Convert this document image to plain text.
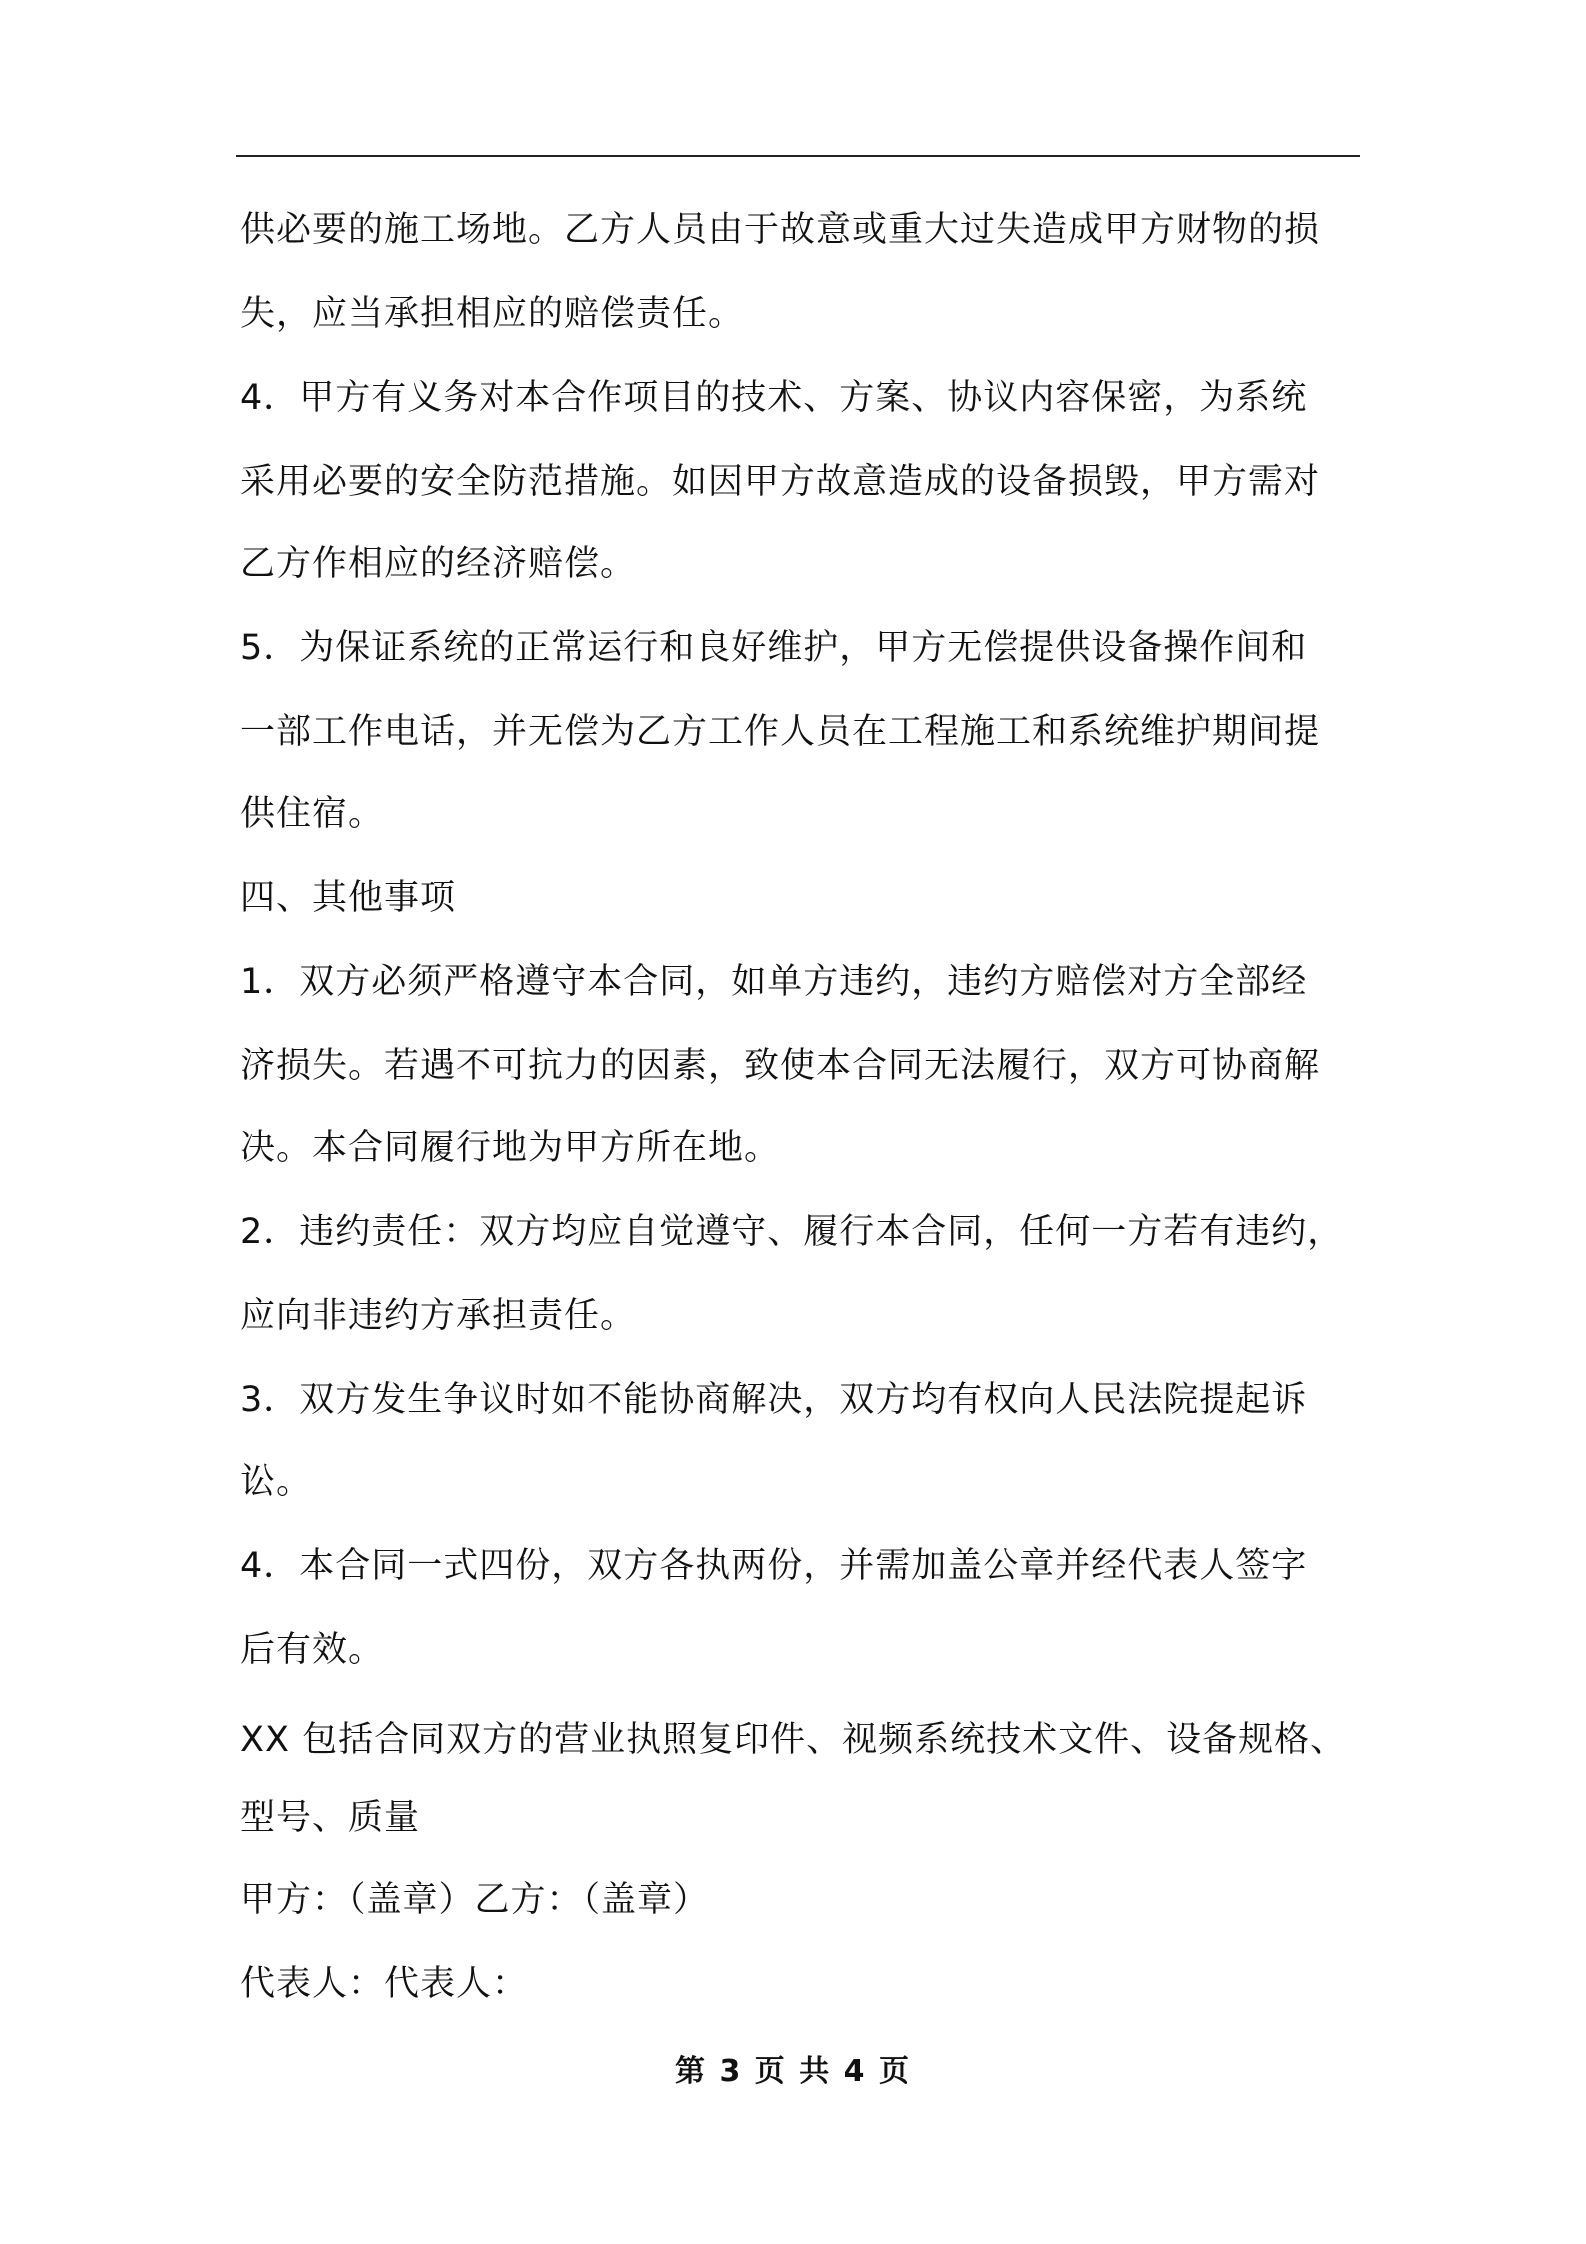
供必要的施工场地。乙方人员由于故意或重大过失造成甲方财物的损
失，应当承担相应的赔偿责任。
4．甲方有义务对本合作项目的技术、方案、协议内容保密，为系统
采用必要的安全防范措施。如因甲方故意造成的设备损毁，甲方需对
乙方作相应的经济赔偿。
5．为保证系统的正常运行和良好维护，甲方无偿提供设备操作间和
一部工作电话，并无偿为乙方工作人员在工程施工和系统维护期间提
供住宿。
四、其他事项
1．双方必须严格遵守本合同，如单方违约，违约方赔偿对方全部经
济损失。若遇不可抗力的因素，致使本合同无法履行，双方可协商解
决。本合同履行地为甲方所在地。
2．违约责任：双方均应自觉遵守、履行本合同，任何一方若有违约，
应向非违约方承担责任。
3．双方发生争议时如不能协商解决，双方均有权向人民法院提起诉
讼。
4．本合同一式四份，双方各执两份，并需加盖公章并经代表人签字
后有效。
XX 包括合同双方的营业执照复印件、视频系统技术文件、设备规格、
型号、质量
甲方：（盖章）乙方：（盖章）
代表人：代表人：
第 3 页 共 4 页
